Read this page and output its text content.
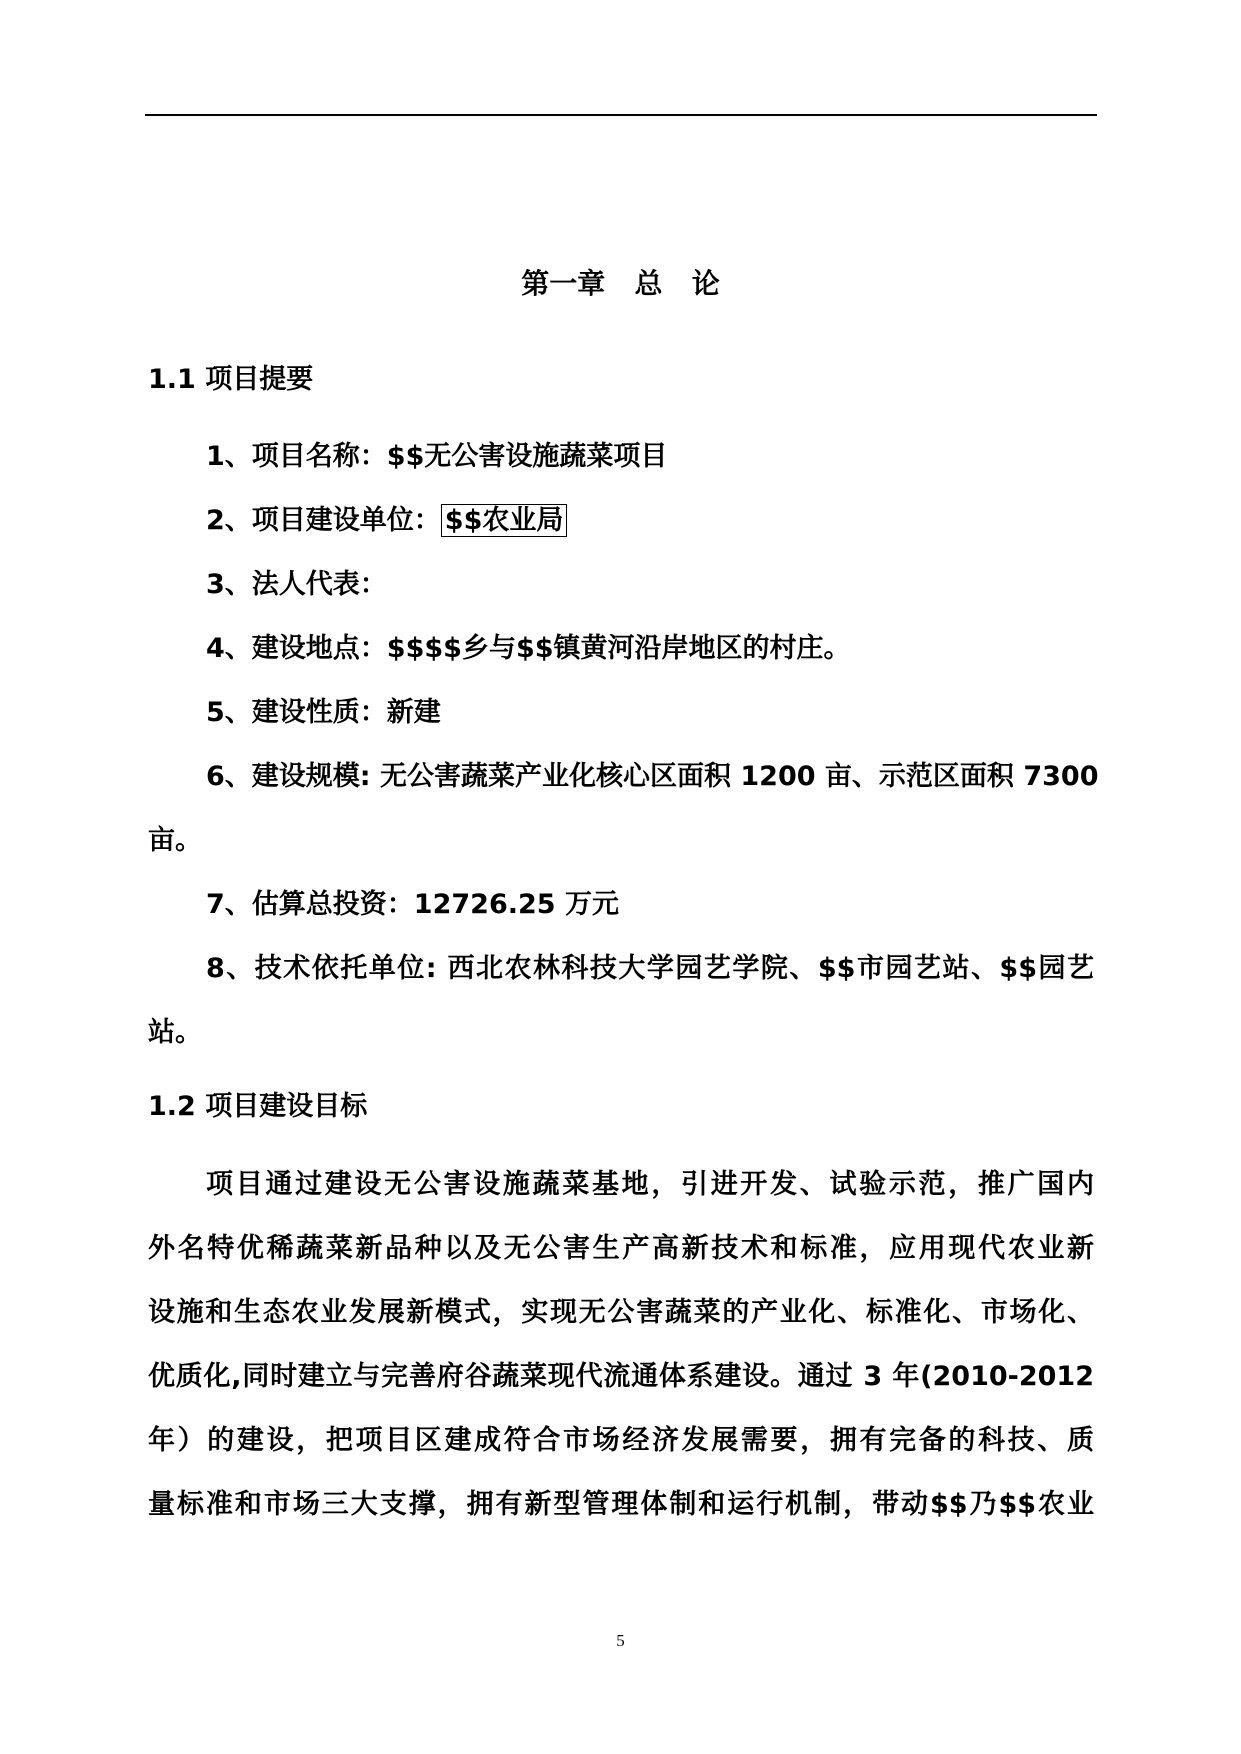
第一章   总   论
1.1 项目提要
1、项目名称：$$无公害设施蔬菜项目
2、项目建设单位： $$农业局
3、法人代表：
4、建设地点：$$$$乡与$$镇黄河沿岸地区的村庄。
5、建设性质：新建
6、建设规模: 无公害蔬菜产业化核心区面积 1200 亩、示范区面积 7300
亩。
7、估算总投资：12726.25 万元
8、技术依托单位: 西北农林科技大学园艺学院、$$市园艺站、$$园艺
站。
1.2 项目建设目标
项目通过建设无公害设施蔬菜基地，引进开发、试验示范，推广国内
外名特优稀蔬菜新品种以及无公害生产高新技术和标准，应用现代农业新
设施和生态农业发展新模式，实现无公害蔬菜的产业化、标准化、市场化、
优质化,同时建立与完善府谷蔬菜现代流通体系建设。通过 3 年(2010-2012
年）的建设，把项目区建成符合市场经济发展需要，拥有完备的科技、质
量标准和市场三大支撑，拥有新型管理体制和运行机制，带动$$乃$$农业
5
